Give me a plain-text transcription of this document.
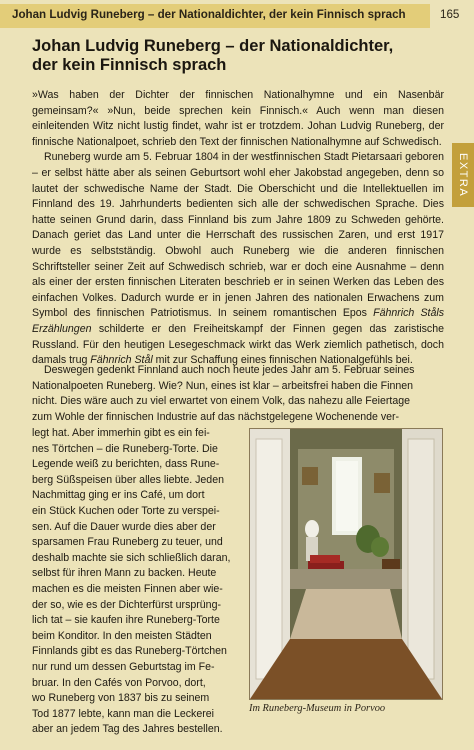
Johan Ludvig Runeberg – der Nationaldichter, der kein Finnisch sprach	165
EXTRA
Johan Ludvig Runeberg – der Nationaldichter,
der kein Finnisch sprach

»Was haben der Dichter der finnischen Nationalhymne und ein Nasenbär gemeinsam?« »Nun, beide sprechen kein Finnisch.« Auch wenn man diesen einleitenden Witz nicht lustig findet, wahr ist er trotzdem. Johan Ludvig Runeberg, der finnische Nationalpoet, schrieb den Text der finnischen Nationalhymne auf Schwedisch.

Runeberg wurde am 5. Februar 1804 in der westfinnischen Stadt Pietarsaari geboren – er selbst hätte aber als seinen Geburtsort wohl eher Jakobstad angegeben, denn so lautet der schwedische Name der Stadt. Die Oberschicht und die Intellektuellen im Finnland des 19. Jahrhunderts bedienten sich alle der schwedischen Sprache. Dies hatte seinen Grund darin, dass Finnland bis zum Jahre 1809 zu Schweden gehörte. Danach geriet das Land unter die Herrschaft des russischen Zaren, und erst 1917 wurde es selbstständig. Obwohl auch Runeberg wie die anderen finnischen Schriftsteller seiner Zeit auf Schwedisch schrieb, war er doch eine Ausnahme – denn als einer der ersten finnischen Literaten beschrieb er in seinen Werken das Leben des einfachen Volkes. Dadurch wurde er in jenen Jahren des nationalen Erwachens zum Symbol des finnischen Patriotismus. In seinem romantischen Epos Fähnrich Ståls Erzählungen schilderte er den Freiheitskampf der Finnen gegen das zaristische Russland. Für den heutigen Lesegeschmack wirkt das Werk ziemlich pathetisch, doch damals trug Fähnrich Stål mit zur Schaffung eines finnischen Nationalgefühls bei.

Deswegen gedenkt Finnland auch noch heute jedes Jahr am 5. Februar seines
Nationalpoeten Runeberg. Wie? Nun, eines ist klar – arbeitsfrei haben die Finnen
nicht. Dies wäre auch zu viel erwartet von einem Volk, das nahezu alle Feiertage
zum Wohle der finnischen Industrie auf das nächstgelegene Wochenende ver-
legt hat. Aber immerhin gibt es ein fei-
nes Törtchen – die Runeberg-Torte. Die
Legende weiß zu berichten, dass Rune-
berg Süßspeisen über alles liebte. Jeden
Nachmittag ging er ins Café, um dort
ein Stück Kuchen oder Torte zu verspei-
sen. Auf die Dauer wurde dies aber der
sparsamen Frau Runeberg zu teuer, und
deshalb machte sie sich schließlich daran,
selbst für ihren Mann zu backen. Heute
machen es die meisten Finnen aber wie-
der so, wie es der Dichterfürst ursprüng-
lich tat – sie kaufen ihre Runeberg-Torte
beim Konditor. In den meisten Städten
Finnlands gibt es das Runeberg-Törtchen
nur rund um dessen Geburtstag im Fe-
bruar. In den Cafés von Porvoo, dort,
wo Runeberg von 1837 bis zu seinem
Tod 1877 lebte, kann man die Leckerei
aber an jedem Tag des Jahres bestellen.
Im Runeberg-Museum in Porvoo
